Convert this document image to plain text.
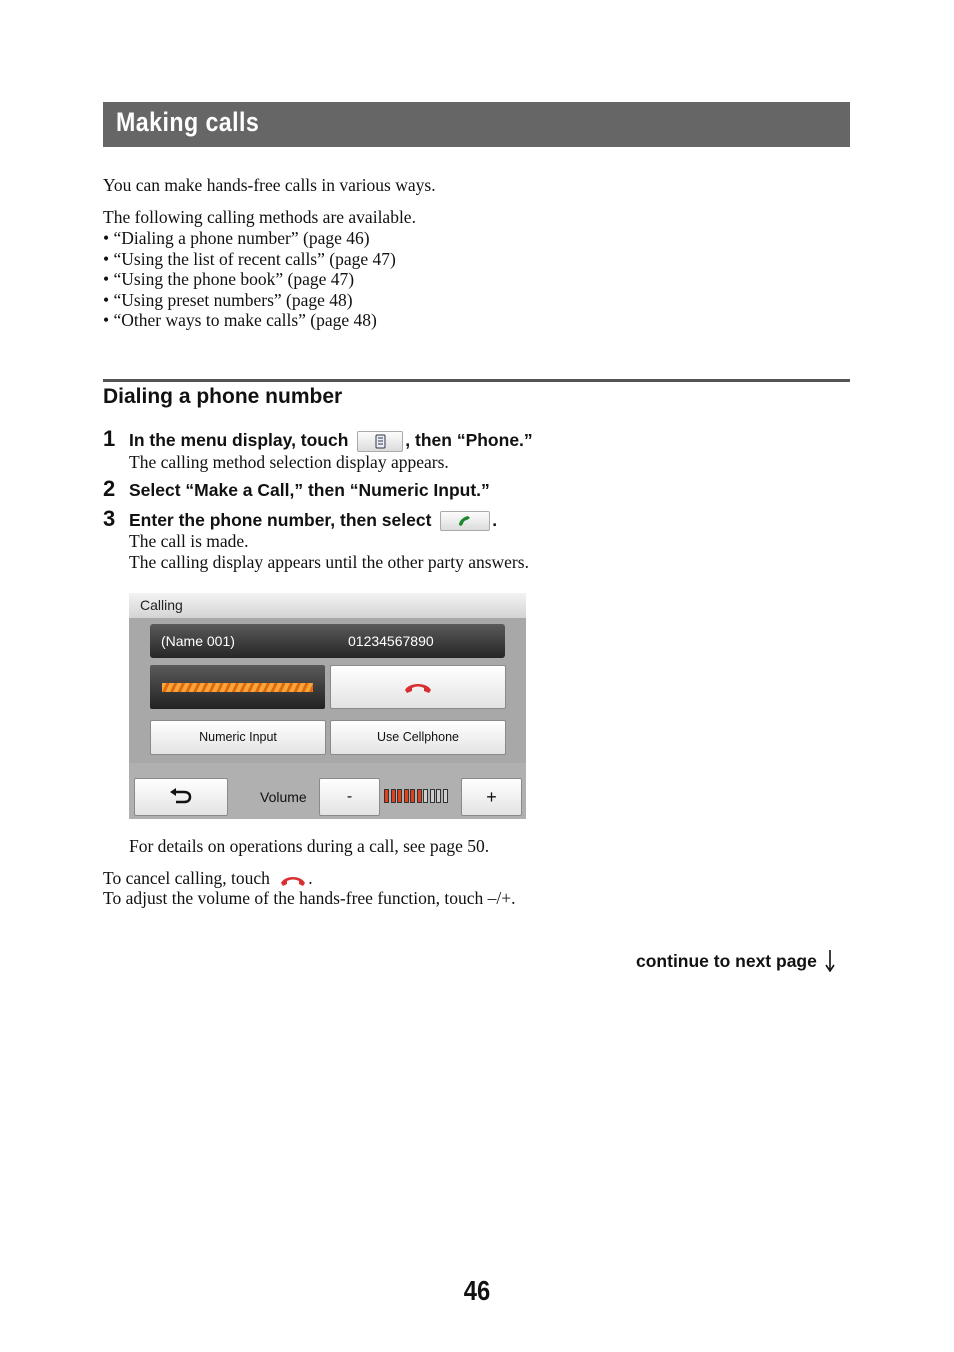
Making calls
You can make hands-free calls in various ways.
The following calling methods are available.
• “Dialing a phone number” (page 46)
• “Using the list of recent calls” (page 47)
• “Using the phone book” (page 47)
• “Using preset numbers” (page 48)
• “Other ways to make calls” (page 48)
Dialing a phone number
1 In the menu display, touch	, then “Phone.”
The calling method selection display appears.
2 Select “Make a Call,” then “Numeric Input.”
3 Enter the phone number, then select	.
The call is made.
The calling display appears until the other party answers.
Calling
(Name 001)	01234567890
Numeric Input	Use Cellphone
Volume	-	+
For details on operations during a call, see page 50.
To cancel calling, touch .
To adjust the volume of the hands-free function, touch –/+.
continue to next page
46
